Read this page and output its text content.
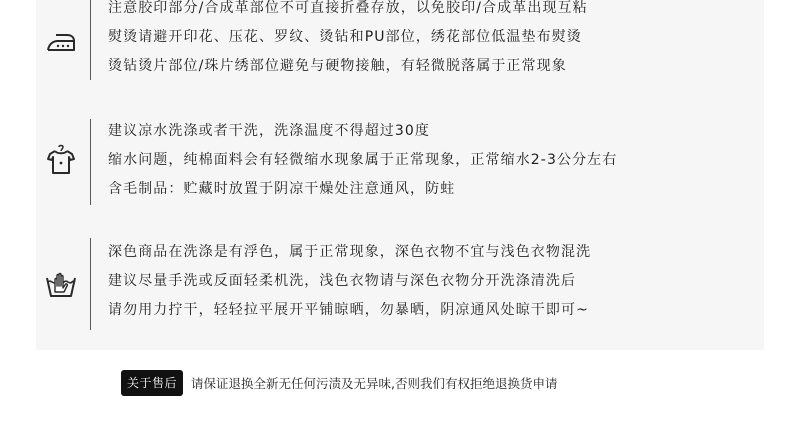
注意胶印部分/合成革部位不可直接折叠存放，以免胶印/合成革出现互粘
熨烫请避开印花、压花、罗纹、烫钻和PU部位，绣花部位低温垫布熨烫
烫钻烫片部位/珠片绣部位避免与硬物接触，有轻微脱落属于正常现象
建议凉水洗涤或者干洗，洗涤温度不得超过30度
缩水问题，纯棉面料会有轻微缩水现象属于正常现象，正常缩水2-3公分左右
含毛制品：贮藏时放置于阴凉干燥处注意通风，防蛀
深色商品在洗涤是有浮色，属于正常现象，深色衣物不宜与浅色衣物混洗
建议尽量手洗或反面轻柔机洗，浅色衣物请与深色衣物分开洗涤清洗后
请勿用力拧干，轻轻拉平展开平铺晾晒，勿暴晒，阴凉通风处晾干即可~
关于售后	请保证退换全新无任何污渍及无异味,否则我们有权拒绝退换货申请
